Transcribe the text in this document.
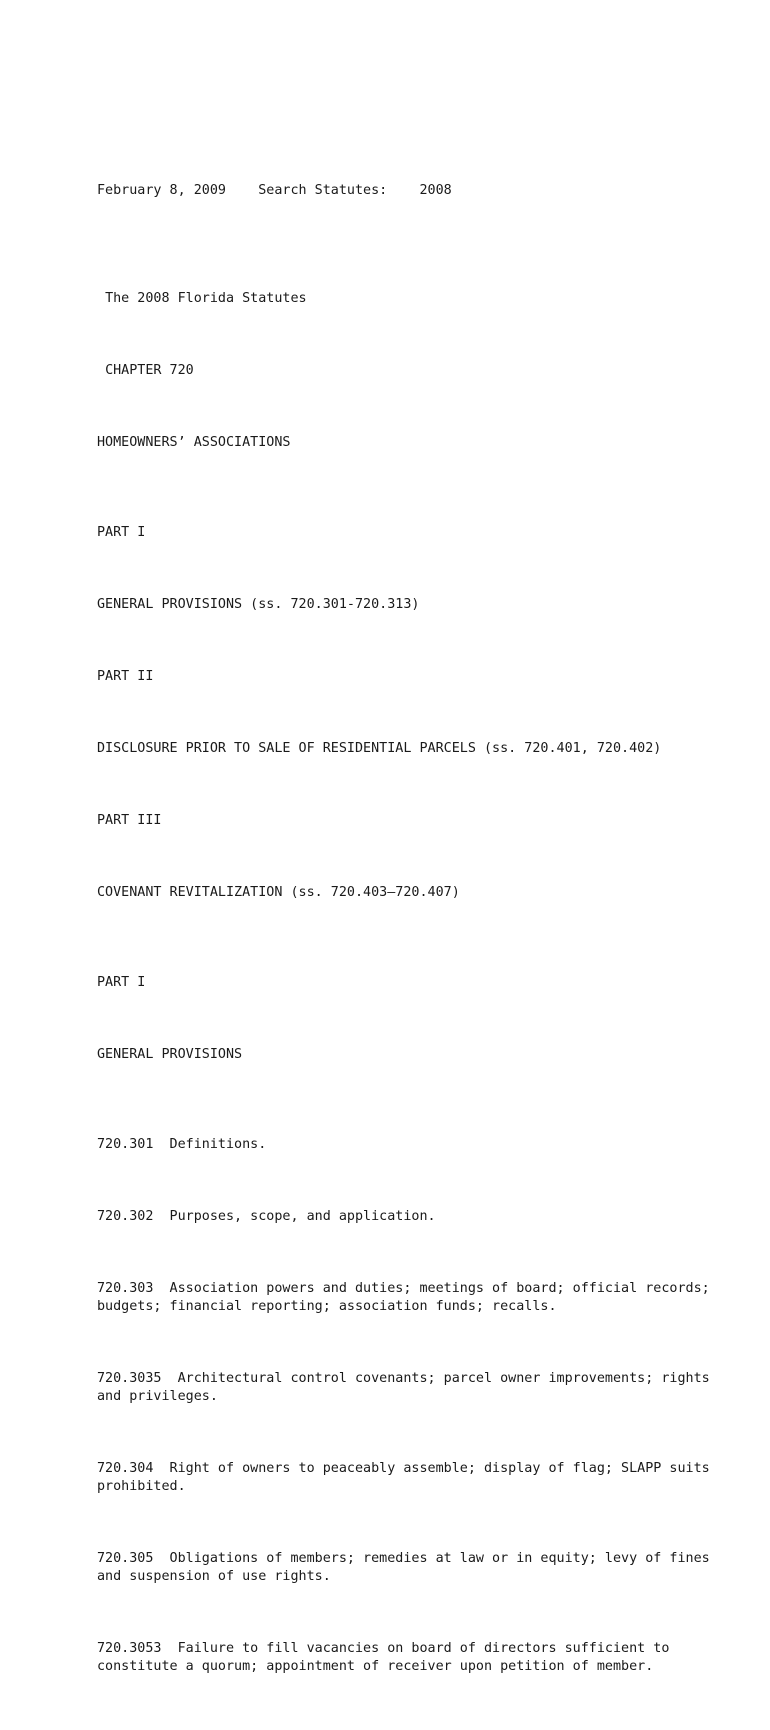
February 8, 2009 Search Statutes: 2008

The 2008 Florida Statutes

CHAPTER 720

HOMEOWNERS’ ASSOCIATIONS

PART I

GENERAL PROVISIONS (ss. 720.301-720.313)

PART II

DISCLOSURE PRIOR TO SALE OF RESIDENTIAL PARCELS (ss. 720.401, 720.402)

PART III

COVENANT REVITALIZATION (ss. 720.403–720.407)

PART I

GENERAL PROVISIONS

720.301  Definitions.

720.302  Purposes, scope, and application.

720.303  Association powers and duties; meetings of board; official records; budgets; financial reporting; association funds; recalls.

720.3035  Architectural control covenants; parcel owner improvements; rights and privileges.

720.304  Right of owners to peaceably assemble; display of flag; SLAPP suits prohibited.

720.305  Obligations of members; remedies at law or in equity; levy of fines and suspension of use rights.

720.3053  Failure to fill vacancies on board of directors sufficient to constitute a quorum; appointment of receiver upon petition of member.
